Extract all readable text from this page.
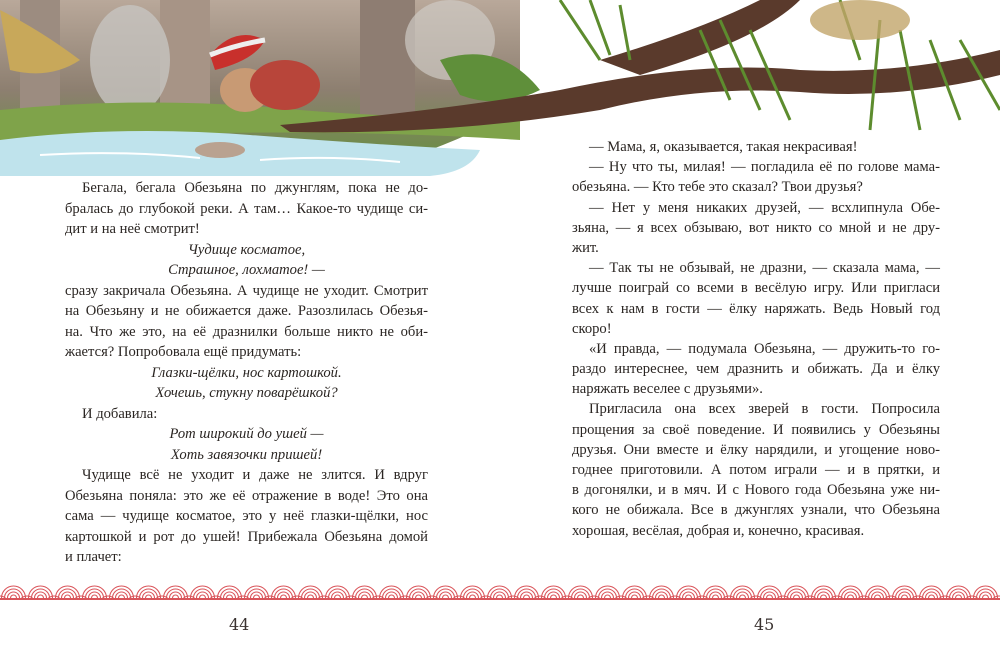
Бегала, бегала Обезьяна по джунглям, пока не до-
бралась до глубокой реки. А там… Какое-то чудище си-
дит и на неё смотрит!
Чудище косматое,
Страшное, лохматое! —
сразу закричала Обезьяна. А чудище не уходит. Смотрит
на Обезьяну и не обижается даже. Разозлилась Обезья-
на. Что же это, на её дразнилки больше никто не оби-
жается? Попробовала ещё придумать:
Глазки-щёлки, нос картошкой.
Хочешь, стукну поварёшкой?
И добавила:
Рот широкий до ушей —
Хоть завязочки пришей!
Чудище всё не уходит и даже не злится. И вдруг
Обезьяна поняла: это же её отражение в воде! Это она
сама — чудище косматое, это у неё глазки-щёлки, нос
картошкой и рот до ушей! Прибежала Обезьяна домой
и плачет:
— Мама, я, оказывается, такая некрасивая!
— Ну что ты, милая! — погладила её по голове мама-
обезьяна. — Кто тебе это сказал? Твои друзья?
— Нет у меня никаких друзей, — всхлипнула Обе-
зьяна, — я всех обзываю, вот никто со мной и не дру-
жит.
— Так ты не обзывай, не дразни, — сказала мама, —
лучше поиграй со всеми в весёлую игру. Или пригласи
всех к нам в гости — ёлку наряжать. Ведь Новый год
скоро!
«И правда, — подумала Обезьяна, — дружить-то го-
раздо интереснее, чем дразнить и обижать. Да и ёлку
наряжать веселее с друзьями».
Пригласила она всех зверей в гости. Попросила
прощения за своё поведение. И появились у Обезьяны
друзья. Они вместе и ёлку нарядили, и угощение ново-
годнее приготовили. А потом играли — и в прятки, и
в догонялки, и в мяч. И с Нового года Обезьяна уже ни-
кого не обижала. Все в джунглях узнали, что Обезьяна
хорошая, весёлая, добрая и, конечно, красивая.
44	45
